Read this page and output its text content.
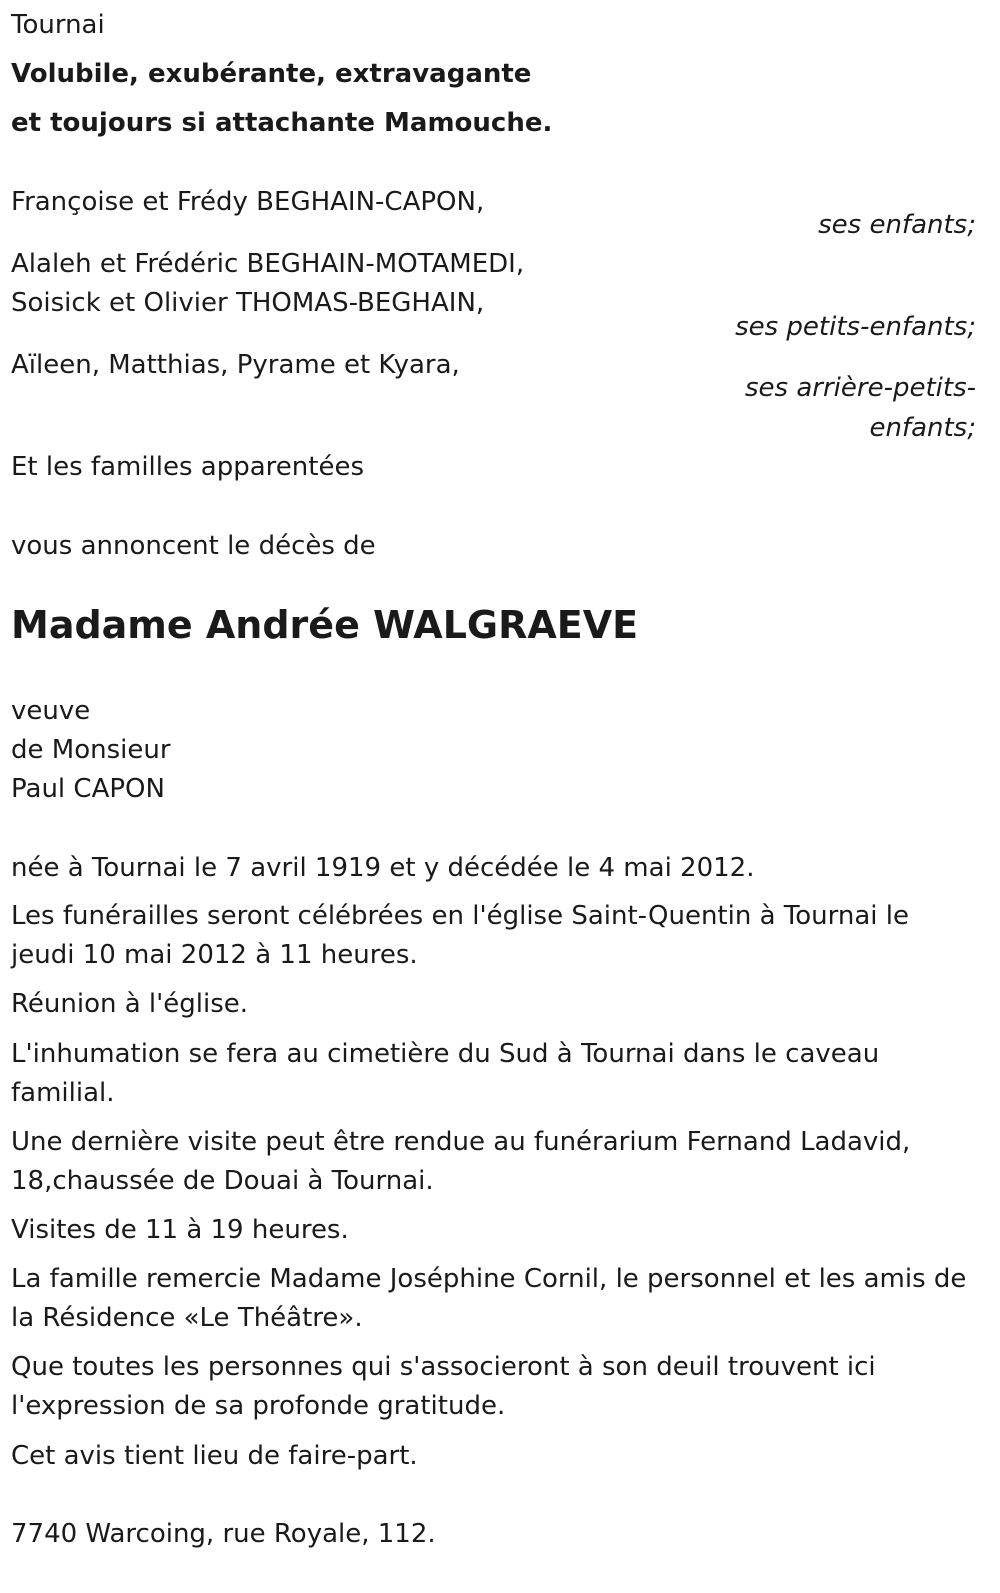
Tournai
Volubile, exubérante, extravagante
et toujours si attachante Mamouche.
Françoise et Frédy BEGHAIN-CAPON,
ses enfants;
Alaleh et Frédéric BEGHAIN-MOTAMEDI,
Soisick et Olivier THOMAS-BEGHAIN,
ses petits-enfants;
Aïleen, Matthias, Pyrame et Kyara,
ses arrière-petits-
enfants;
Et les familles apparentées
vous annoncent le décès de
Madame Andrée WALGRAEVE
veuve
de Monsieur
Paul CAPON
née à Tournai le 7 avril 1919 et y décédée le 4 mai 2012.
Les funérailles seront célébrées en l'église Saint-Quentin à Tournai le
jeudi 10 mai 2012 à 11 heures.
Réunion à l'église.
L'inhumation se fera au cimetière du Sud à Tournai dans le caveau
familial.
Une dernière visite peut être rendue au funérarium Fernand Ladavid,
18,chaussée de Douai à Tournai.
Visites de 11 à 19 heures.
La famille remercie Madame Joséphine Cornil, le personnel et les amis de
la Résidence «Le Théâtre».
Que toutes les personnes qui s'associeront à son deuil trouvent ici
l'expression de sa profonde gratitude.
Cet avis tient lieu de faire-part.
7740 Warcoing, rue Royale, 112.
